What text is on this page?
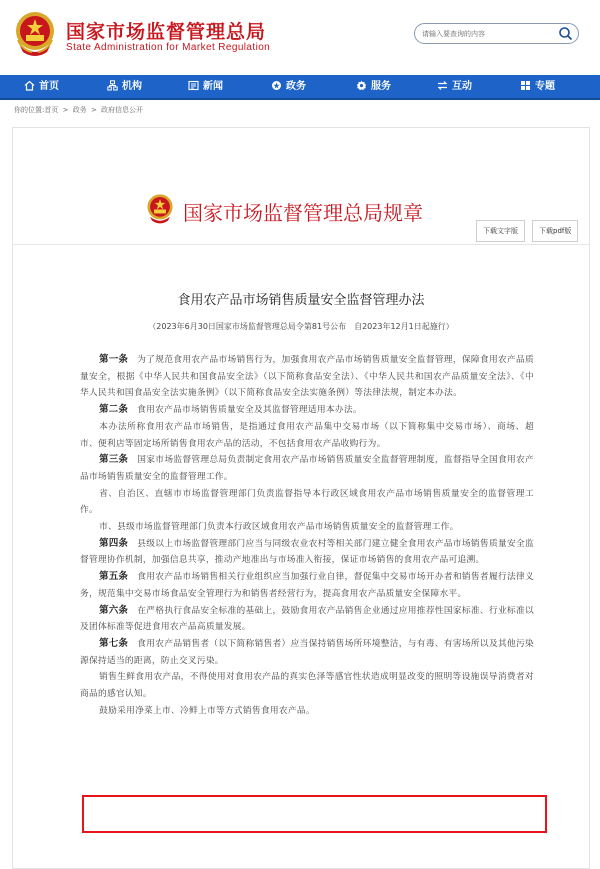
国家市场监督管理总局
State Administration for Market Regulation
请输入要查询的内容
首页	机构	新闻	政务	服务	互动	专题
你的位置:首页 > 政务 > 政府信息公开
国家市场监督管理总局规章
下载文字版	下载pdf版
食用农产品市场销售质量安全监督管理办法
（2023年6月30日国家市场监督管理总局令第81号公布　自2023年12月1日起施行）

第一条　为了规范食用农产品市场销售行为，加强食用农产品市场销售质量安全监督管理，保障食用农产品质量安全，根据《中华人民共和国食品安全法》（以下简称食品安全法）、《中华人民共和国农产品质量安全法》、《中华人民共和国食品安全法实施条例》（以下简称食品安全法实施条例）等法律法规，制定本办法。

第二条　食用农产品市场销售质量安全及其监督管理适用本办法。

本办法所称食用农产品市场销售，是指通过食用农产品集中交易市场（以下简称集中交易市场）、商场、超市、便利店等固定场所销售食用农产品的活动，不包括食用农产品收购行为。

第三条　国家市场监督管理总局负责制定食用农产品市场销售质量安全监督管理制度，监督指导全国食用农产品市场销售质量安全的监督管理工作。

省、自治区、直辖市市场监督管理部门负责监督指导本行政区域食用农产品市场销售质量安全的监督管理工作。

市、县级市场监督管理部门负责本行政区域食用农产品市场销售质量安全的监督管理工作。

第四条　县级以上市场监督管理部门应当与同级农业农村等相关部门建立健全食用农产品市场销售质量安全监督管理协作机制，加强信息共享，推动产地准出与市场准入衔接，保证市场销售的食用农产品可追溯。

第五条　食用农产品市场销售相关行业组织应当加强行业自律，督促集中交易市场开办者和销售者履行法律义务，规范集中交易市场食品安全管理行为和销售者经营行为，提高食用农产品质量安全保障水平。

第六条　在严格执行食品安全标准的基础上，鼓励食用农产品销售企业通过应用推荐性国家标准、行业标准以及团体标准等促进食用农产品高质量发展。

第七条　食用农产品销售者（以下简称销售者）应当保持销售场所环境整洁，与有毒、有害场所以及其他污染源保持适当的距离，防止交叉污染。

销售生鲜食用农产品，不得使用对食用农产品的真实色泽等感官性状造成明显改变的照明等设施误导消费者对商品的感官认知。

鼓励采用净菜上市、冷鲜上市等方式销售食用农产品。
